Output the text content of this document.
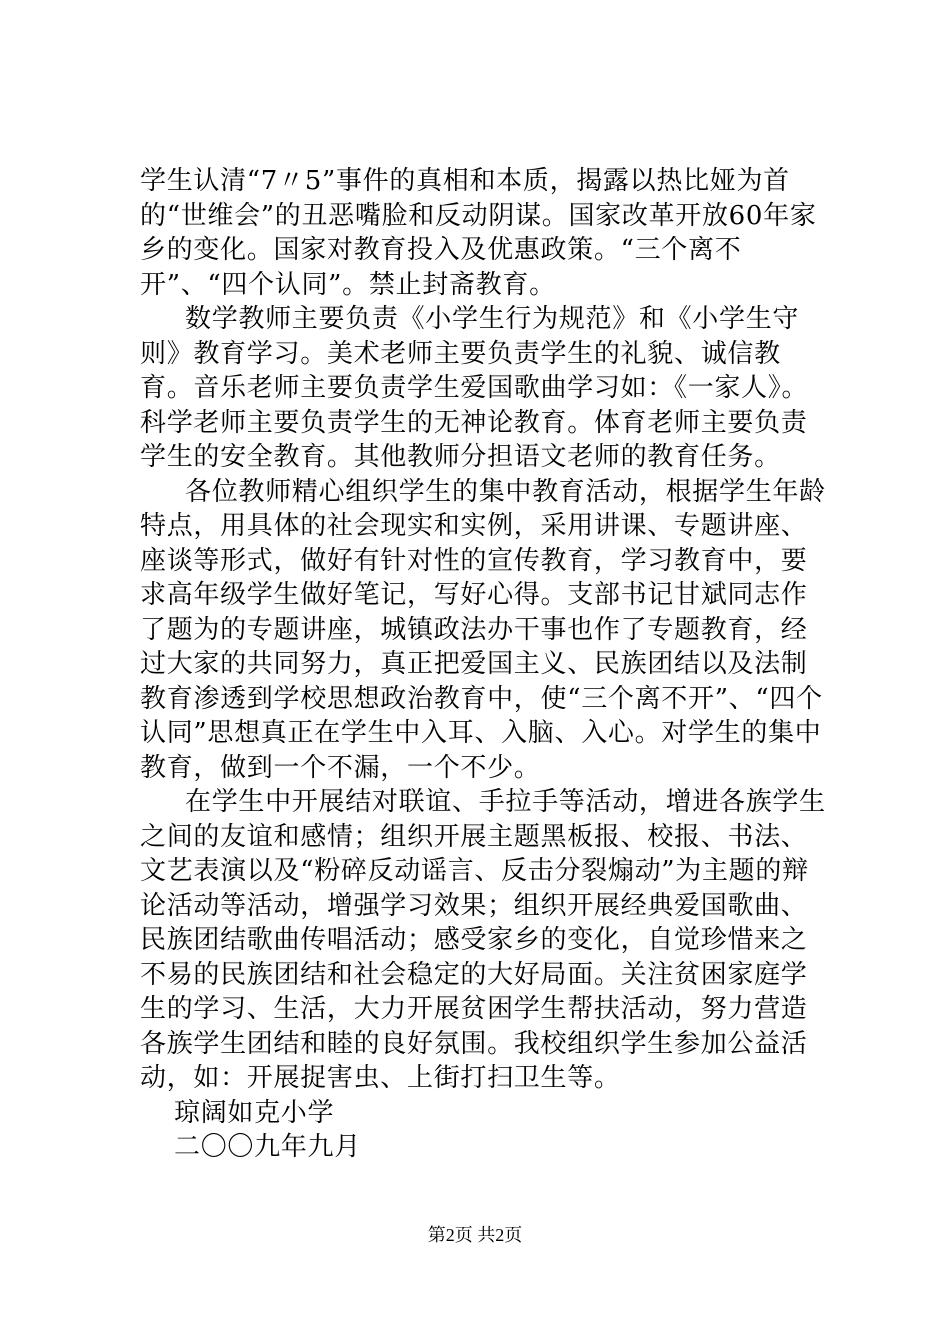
学生认清“7〃5”事件的真相和本质，揭露以热比娅为首的“世维会”的丑恶嘴脸和反动阴谋。国家改革开放60年家乡的变化。国家对教育投入及优惠政策。“三个离不开”、“四个认同”。禁止封斋教育。

数学教师主要负责《小学生行为规范》和《小学生守则》教育学习。美术老师主要负责学生的礼貌、诚信教育。音乐老师主要负责学生爱国歌曲学习如：《一家人》。科学老师主要负责学生的无神论教育。体育老师主要负责学生的安全教育。其他教师分担语文老师的教育任务。

各位教师精心组织学生的集中教育活动，根据学生年龄特点，用具体的社会现实和实例，采用讲课、专题讲座、座谈等形式，做好有针对性的宣传教育，学习教育中，要求高年级学生做好笔记，写好心得。支部书记甘斌同志作了题为的专题讲座，城镇政法办干事也作了专题教育，经过大家的共同努力，真正把爱国主义、民族团结以及法制教育渗透到学校思想政治教育中，使“三个离不开”、“四个认同”思想真正在学生中入耳、入脑、入心。对学生的集中教育，做到一个不漏，一个不少。

在学生中开展结对联谊、手拉手等活动，增进各族学生之间的友谊和感情；组织开展主题黑板报、校报、书法、文艺表演以及“粉碎反动谣言、反击分裂煽动”为主题的辩论活动等活动，增强学习效果；组织开展经典爱国歌曲、民族团结歌曲传唱活动；感受家乡的变化，自觉珍惜来之不易的民族团结和社会稳定的大好局面。关注贫困家庭学生的学习、生活，大力开展贫困学生帮扶活动，努力营造各族学生团结和睦的良好氛围。我校组织学生参加公益活动，如：开展捉害虫、上街打扫卫生等。

琼阔如克小学

二〇〇九年九月

第2页 共2页
